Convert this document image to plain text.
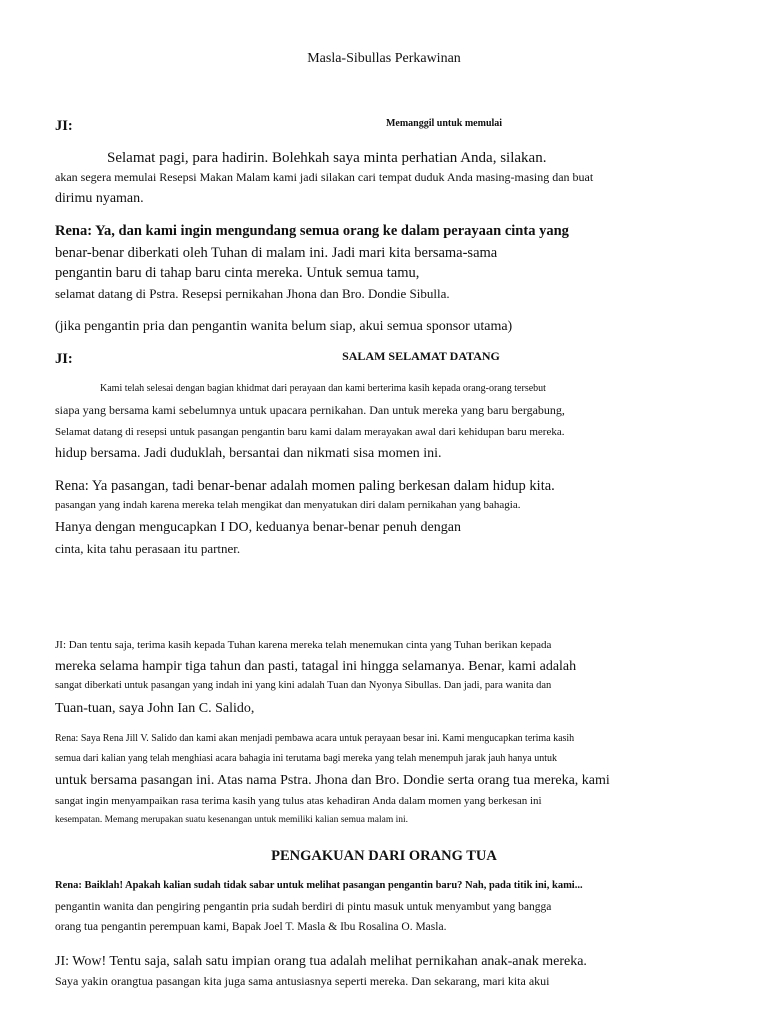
Masla-Sibullas Perkawinan
JI:	Memanggil untuk memulai
Selamat pagi, para hadirin. Bolehkah saya minta perhatian Anda, silakan.
akan segera memulai Resepsi Makan Malam kami jadi silakan cari tempat duduk Anda masing-masing dan buat
dirimu nyaman.
Rena: Ya, dan kami ingin mengundang semua orang ke dalam perayaan cinta yang
benar-benar diberkati oleh Tuhan di malam ini. Jadi mari kita bersama-sama
pengantin baru di tahap baru cinta mereka. Untuk semua tamu,
selamat datang di Pstra. Resepsi pernikahan Jhona dan Bro. Dondie Sibulla.
(jika pengantin pria dan pengantin wanita belum siap, akui semua sponsor utama)
JI:	SALAM SELAMAT DATANG
Kami telah selesai dengan bagian khidmat dari perayaan dan kami berterima kasih kepada orang-orang tersebut
siapa yang bersama kami sebelumnya untuk upacara pernikahan. Dan untuk mereka yang baru bergabung,
Selamat datang di resepsi untuk pasangan pengantin baru kami dalam merayakan awal dari kehidupan baru mereka.
hidup bersama. Jadi duduklah, bersantai dan nikmati sisa momen ini.
Rena: Ya pasangan, tadi benar-benar adalah momen paling berkesan dalam hidup kita.
pasangan yang indah karena mereka telah mengikat dan menyatukan diri dalam pernikahan yang bahagia.
Hanya dengan mengucapkan I DO, keduanya benar-benar penuh dengan
cinta, kita tahu perasaan itu partner.
JI: Dan tentu saja, terima kasih kepada Tuhan karena mereka telah menemukan cinta yang Tuhan berikan kepada
mereka selama hampir tiga tahun dan pasti, tatagal ini hingga selamanya. Benar, kami adalah
sangat diberkati untuk pasangan yang indah ini yang kini adalah Tuan dan Nyonya Sibullas. Dan jadi, para wanita dan
Tuan-tuan, saya John Ian C. Salido,
Rena: Saya Rena Jill V. Salido dan kami akan menjadi pembawa acara untuk perayaan besar ini. Kami mengucapkan terima kasih
semua dari kalian yang telah menghiasi acara bahagia ini terutama bagi mereka yang telah menempuh jarak jauh hanya untuk
untuk bersama pasangan ini. Atas nama Pstra. Jhona dan Bro. Dondie serta orang tua mereka, kami
sangat ingin menyampaikan rasa terima kasih yang tulus atas kehadiran Anda dalam momen yang berkesan ini
kesempatan. Memang merupakan suatu kesenangan untuk memiliki kalian semua malam ini.
PENGAKUAN DARI ORANG TUA
Rena: Baiklah! Apakah kalian sudah tidak sabar untuk melihat pasangan pengantin baru? Nah, pada titik ini, kami...
pengantin wanita dan pengiring pengantin pria sudah berdiri di pintu masuk untuk menyambut yang bangga
orang tua pengantin perempuan kami, Bapak Joel T. Masla & Ibu Rosalina O. Masla.
JI: Wow! Tentu saja, salah satu impian orang tua adalah melihat pernikahan anak-anak mereka.
Saya yakin orangtua pasangan kita juga sama antusiasnya seperti mereka. Dan sekarang, mari kita akui
